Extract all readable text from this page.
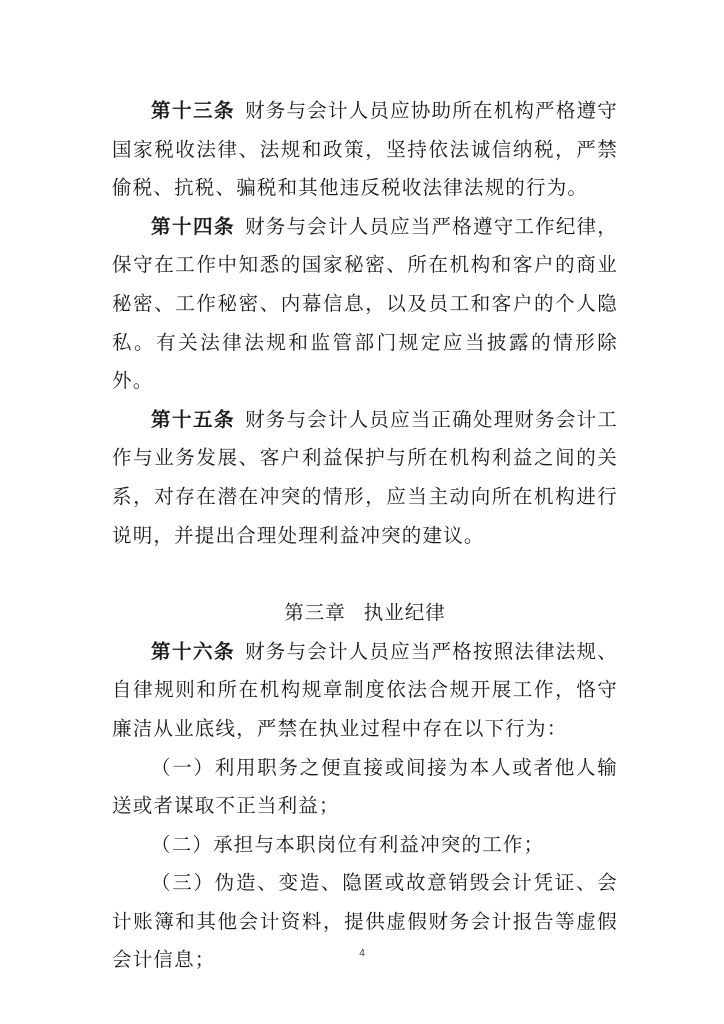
第十三条 财务与会计人员应协助所在机构严格遵守国家税收法律、法规和政策，坚持依法诚信纳税，严禁偷税、抗税、骗税和其他违反税收法律法规的行为。

第十四条 财务与会计人员应当严格遵守工作纪律，保守在工作中知悉的国家秘密、所在机构和客户的商业秘密、工作秘密、内幕信息，以及员工和客户的个人隐私。有关法律法规和监管部门规定应当披露的情形除外。

第十五条 财务与会计人员应当正确处理财务会计工作与业务发展、客户利益保护与所在机构利益之间的关系，对存在潜在冲突的情形，应当主动向所在机构进行说明，并提出合理处理利益冲突的建议。

第三章 执业纪律

第十六条 财务与会计人员应当严格按照法律法规、自律规则和所在机构规章制度依法合规开展工作，恪守廉洁从业底线，严禁在执业过程中存在以下行为：

（一）利用职务之便直接或间接为本人或者他人输送或者谋取不正当利益；

（二）承担与本职岗位有利益冲突的工作；

（三）伪造、变造、隐匿或故意销毁会计凭证、会计账簿和其他会计资料，提供虚假财务会计报告等虚假会计信息；	4
